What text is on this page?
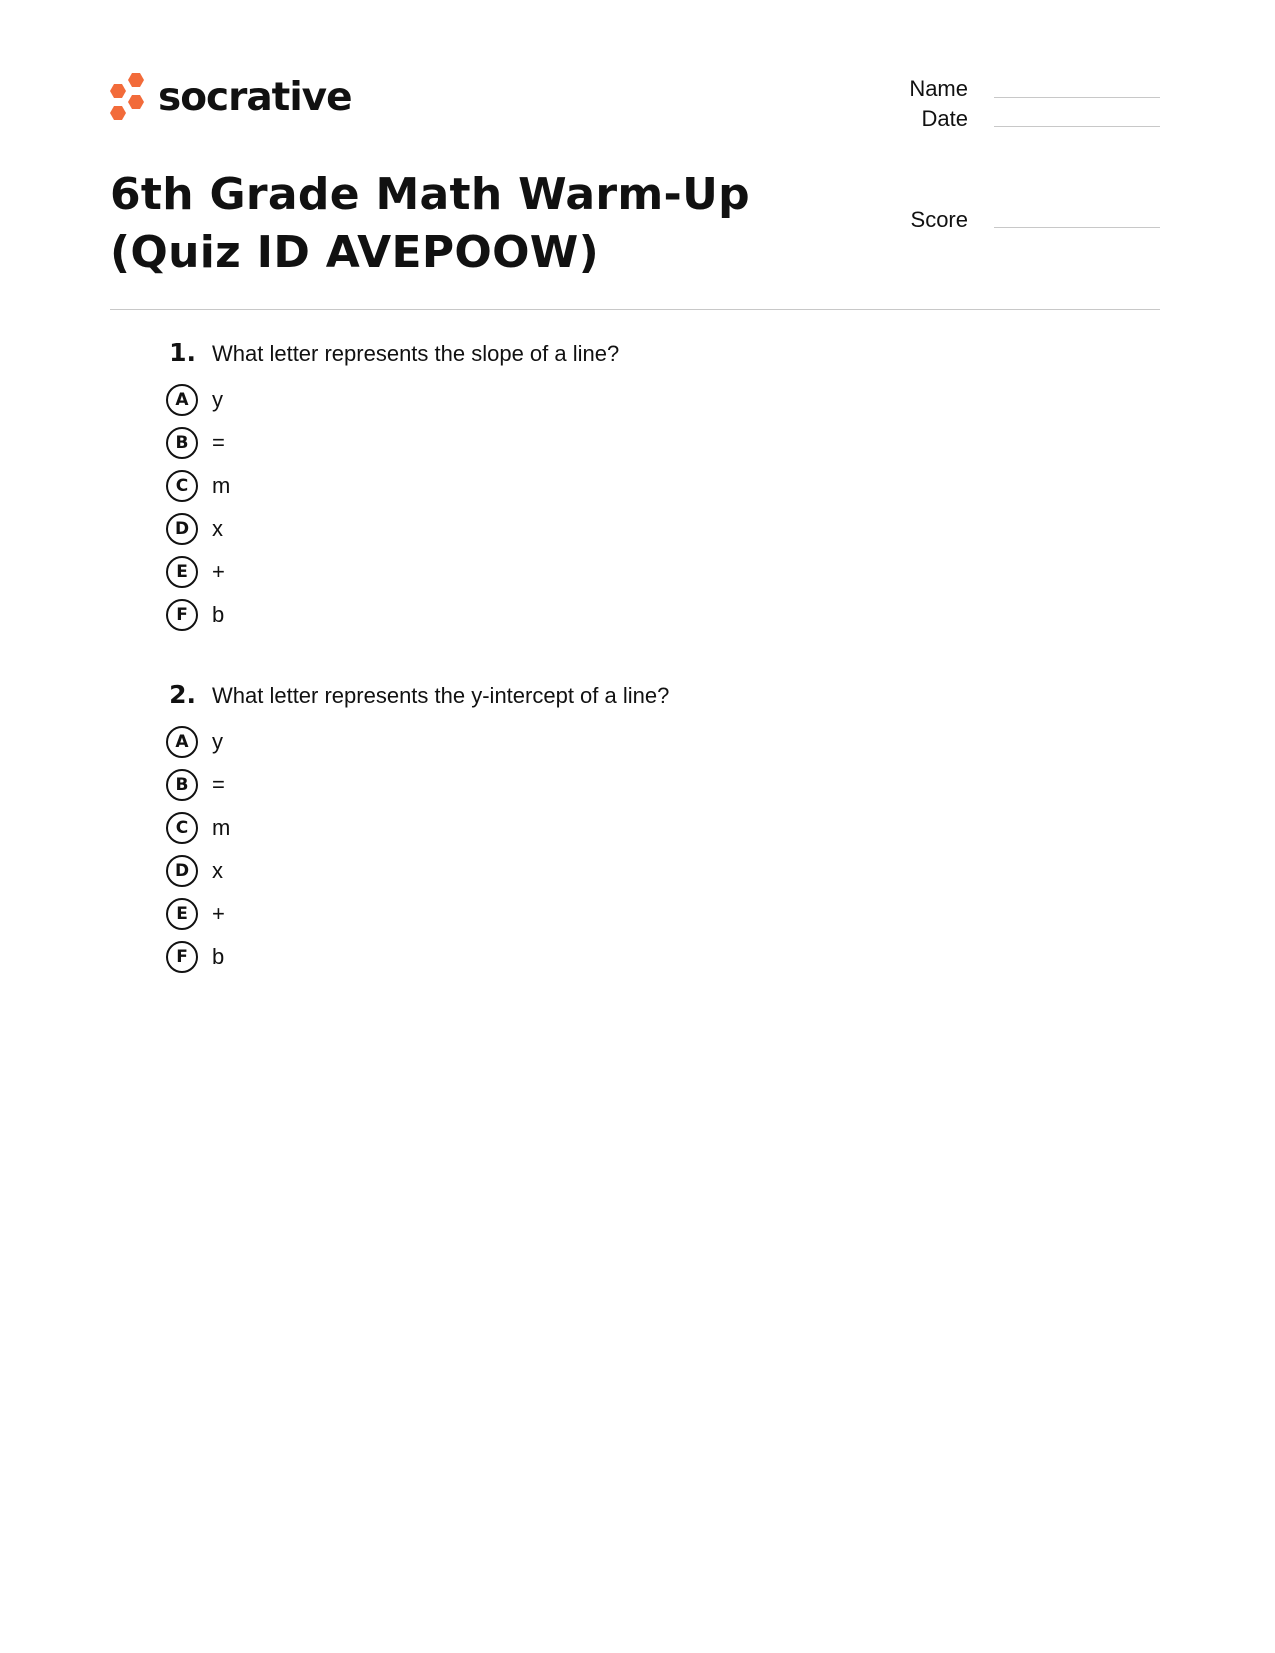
socrative	Name
Date
Score
6th Grade Math Warm-Up (Quiz ID AVEPOOW)
1. What letter represents the slope of a line?
A	y
B	=
C	m
D	x
E	+
F	b
2. What letter represents the y-intercept of a line?
A	y
B	=
C	m
D	x
E	+
F	b
